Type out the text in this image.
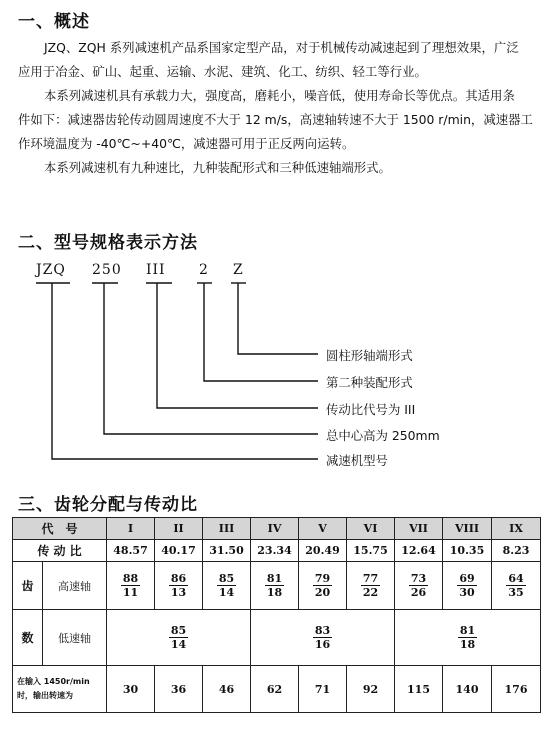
一、概述

JZQ、ZQH 系列减速机产品系国家定型产品，对于机械传动减速起到了理想效果，广泛

应用于冶金、矿山、起重、运输、水泥、建筑、化工、纺织、轻工等行业。

本系列减速机具有承载力大，强度高，磨耗小，噪音低，使用寿命长等优点。其适用条

件如下：减速器齿轮传动圆周速度不大于 12 m/s，高速轴转速不大于 1500 r/min，减速器工

作环境温度为 -40℃~+40℃，减速器可用于正反两向运转。

本系列减速机有九种速比，九种装配形式和三种低速轴端形式。

二、型号规格表示方法
JZQ 250 III 2 Z
圆柱形轴端形式
第二种装配形式
传动比代号为 III
总中心高为 250mm
减速机型号
三、齿轮分配与传动比
代　号		I	II	III	IV	V	VI	VII	VIII	IX
传 动 比		48.57	40.17	31.50	23.34	20.49	15.75	12.64	10.35	8.23
齿	高速轴	$\frac{88}{11}$	$\frac{86}{13}$	$\frac{85}{14}$	$\frac{81}{18}$	$\frac{79}{20}$	$\frac{77}{22}$	$\frac{73}{26}$	$\frac{69}{30}$	$\frac{64}{35}$

数	低速轴	$\frac{85}{14}$			$\frac{83}{16}$			$\frac{81}{18}$

在输入 1450r/min
时，输出转速为		30	36	46	62	71	92	115	140	176
